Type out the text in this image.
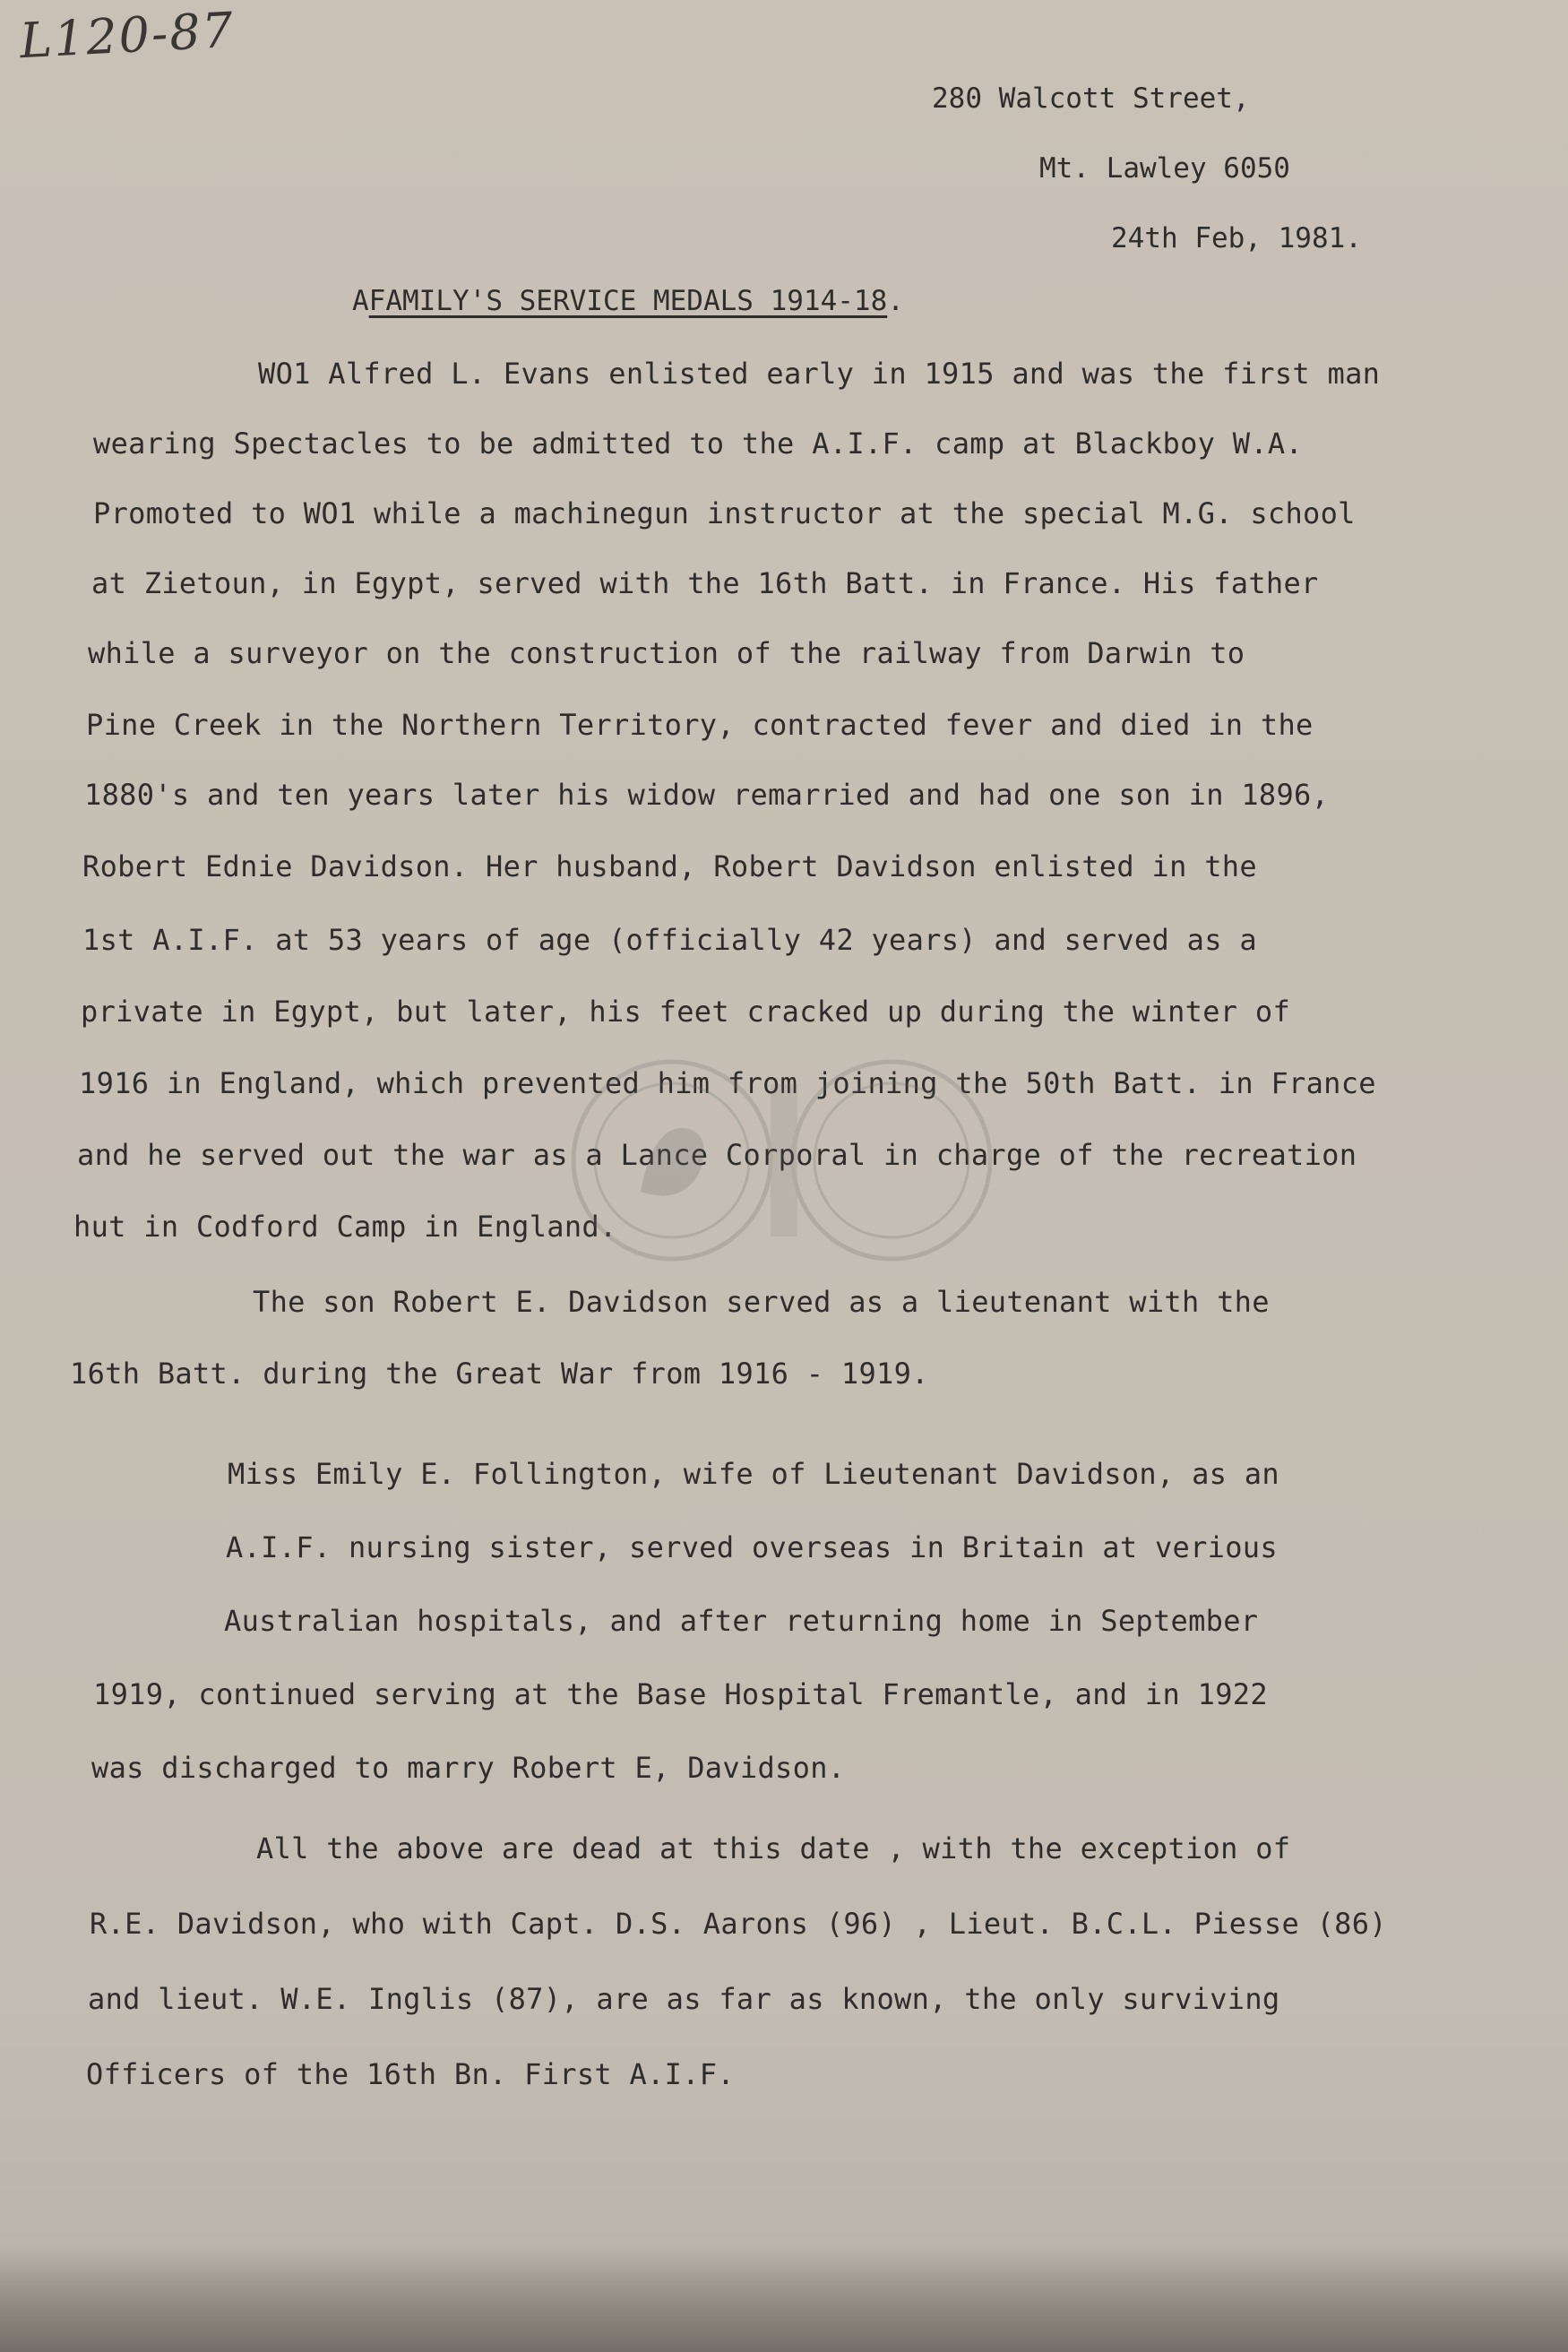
L120-87
280 Walcott Street,
Mt. Lawley 6050
24th Feb, 1981.
AFAMILY'S SERVICE MEDALS 1914-18.
WO1 Alfred L. Evans enlisted early in 1915 and was the first man
wearing Spectacles to be admitted to the A.I.F. camp at Blackboy W.A.
Promoted to WO1 while a machinegun instructor at the special M.G. school
at Zietoun, in Egypt, served with the 16th Batt. in France. His father
while a surveyor on the construction of the railway from Darwin to
Pine Creek in the Northern Territory, contracted fever and died in the
1880's and ten years later his widow remarried and had one son in 1896,
Robert Ednie Davidson. Her husband, Robert Davidson enlisted in the
1st A.I.F. at 53 years of age (officially 42 years) and served as a
private in Egypt, but later, his feet cracked up during the winter of
1916 in England, which prevented him from joining the 50th Batt. in France
and he served out the war as a Lance Corporal in charge of the recreation
hut in Codford Camp in England.
The son Robert E. Davidson served as a lieutenant with the
16th Batt. during the Great War from 1916 - 1919.
Miss Emily E. Follington, wife of Lieutenant Davidson, as an
A.I.F. nursing sister, served overseas in Britain at verious
Australian hospitals, and after returning home in September
1919, continued serving at the Base Hospital Fremantle, and in 1922
was discharged to marry Robert E, Davidson.
All the above are dead at this date , with the exception of
R.E. Davidson, who with Capt. D.S. Aarons (96) , Lieut. B.C.L. Piesse (86)
and lieut. W.E. Inglis (87), are as far as known, the only surviving
Officers of the 16th Bn. First A.I.F.
